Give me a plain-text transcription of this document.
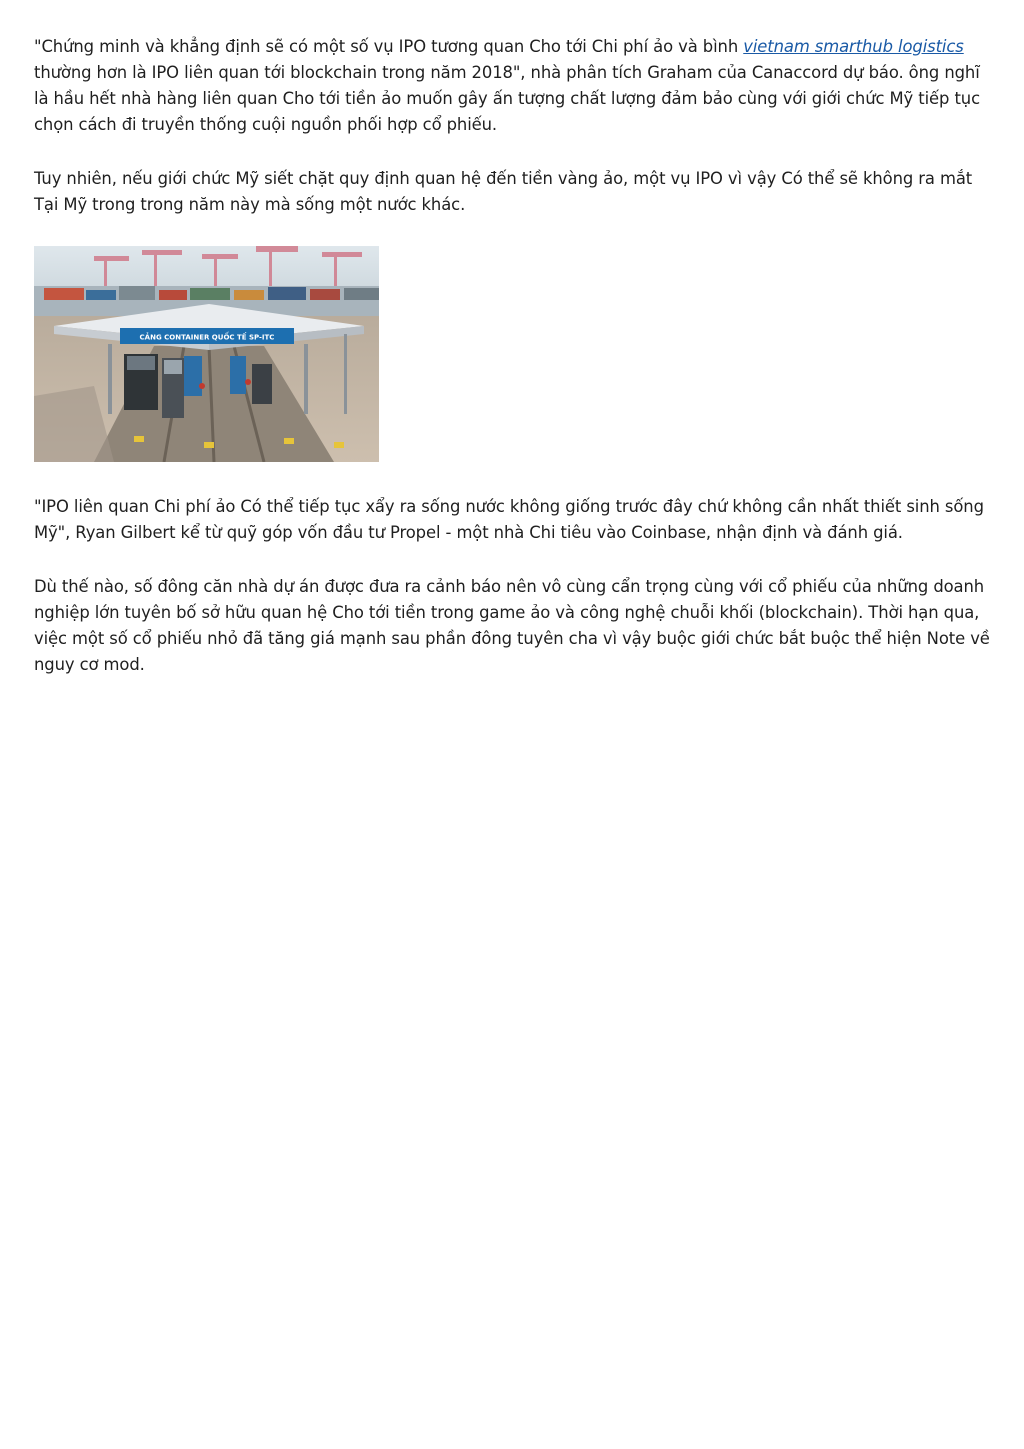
"Chứng minh và khẳng định sẽ có một số vụ IPO tương quan Cho tới Chi phí ảo và bình vietnam smarthub logistics thường hơn là IPO liên quan tới blockchain trong năm 2018", nhà phân tích Graham của Canaccord dự báo. ông nghĩ là hầu hết nhà hàng liên quan Cho tới tiền ảo muốn gây ấn tượng chất lượng đảm bảo cùng với giới chức Mỹ tiếp tục chọn cách đi truyền thống cuội nguồn phối hợp cổ phiếu.

Tuy nhiên, nếu giới chức Mỹ siết chặt quy định quan hệ đến tiền vàng ảo, một vụ IPO vì vậy Có thể sẽ không ra mắt Tại Mỹ trong trong năm này mà sống một nước khác.

CẢNG CONTAINER QUỐC TẾ SP-ITC

"IPO liên quan Chi phí ảo Có thể tiếp tục xẩy ra sống nước không giống trước đây chứ không cần nhất thiết sinh sống Mỹ", Ryan Gilbert kể từ quỹ góp vốn đầu tư Propel - một nhà Chi tiêu vào Coinbase, nhận định và đánh giá.

Dù thế nào, số đông căn nhà dự án được đưa ra cảnh báo nên vô cùng cẩn trọng cùng với cổ phiếu của những doanh nghiệp lớn tuyên bố sở hữu quan hệ Cho tới tiền trong game ảo và công nghệ chuỗi khối (blockchain). Thời hạn qua, việc một số cổ phiếu nhỏ đã tăng giá mạnh sau phần đông tuyên cha vì vậy buộc giới chức bắt buộc thể hiện Note về nguy cơ mod.
